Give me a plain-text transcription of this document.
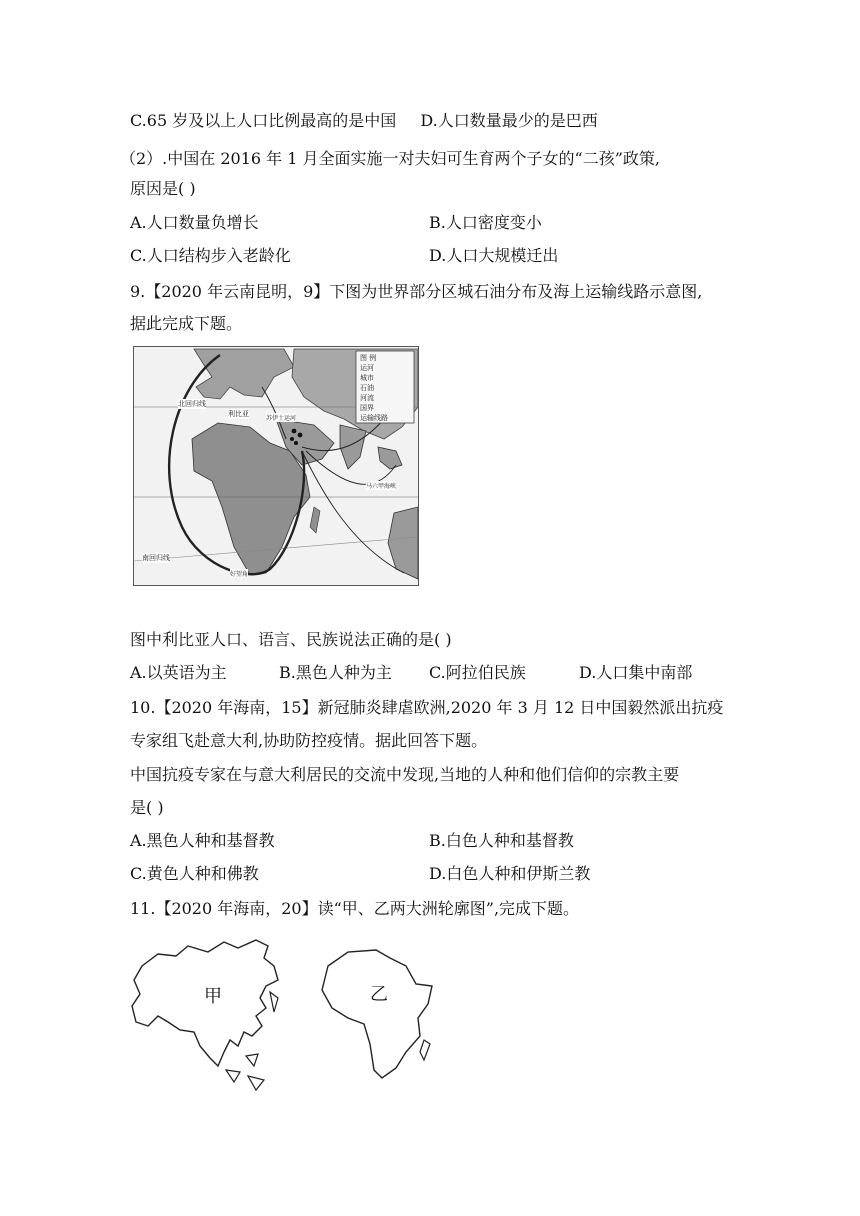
C.65 岁及以上人口比例最高的是中国 D.人口数量最少的是巴西
（2）.中国在 2016 年 1 月全面实施一对夫妇可生育两个子女的“二孩”政策,
原因是( )
A.人口数量负增长	B.人口密度变小
C.人口结构步入老龄化	D.人口大规模迁出
9.【2020 年云南昆明，9】下图为世界部分区城石油分布及海上运输线路示意图,
据此完成下题。
图 例
运河
城市
石油
河流
国界
运输线路
北回归线
利比亚
苏伊士运河
马六甲海峡
南回归线
好望角
图中利比亚人口、语言、民族说法正确的是( )
A.以英语为主	B.黑色人种为主 C.阿拉伯民族	D.人口集中南部
10.【2020 年海南，15】新冠肺炎肆虐欧洲,2020 年 3 月 12 日中国毅然派出抗疫
专家组飞赴意大利,协助防控疫情。据此回答下题。
中国抗疫专家在与意大利居民的交流中发现,当地的人种和他们信仰的宗教主要
是( )
A.黑色人种和基督教	B.白色人种和基督教
C.黄色人种和佛教	D.白色人种和伊斯兰教
11.【2020 年海南，20】读“甲、乙两大洲轮廓图”,完成下题。
甲	乙
